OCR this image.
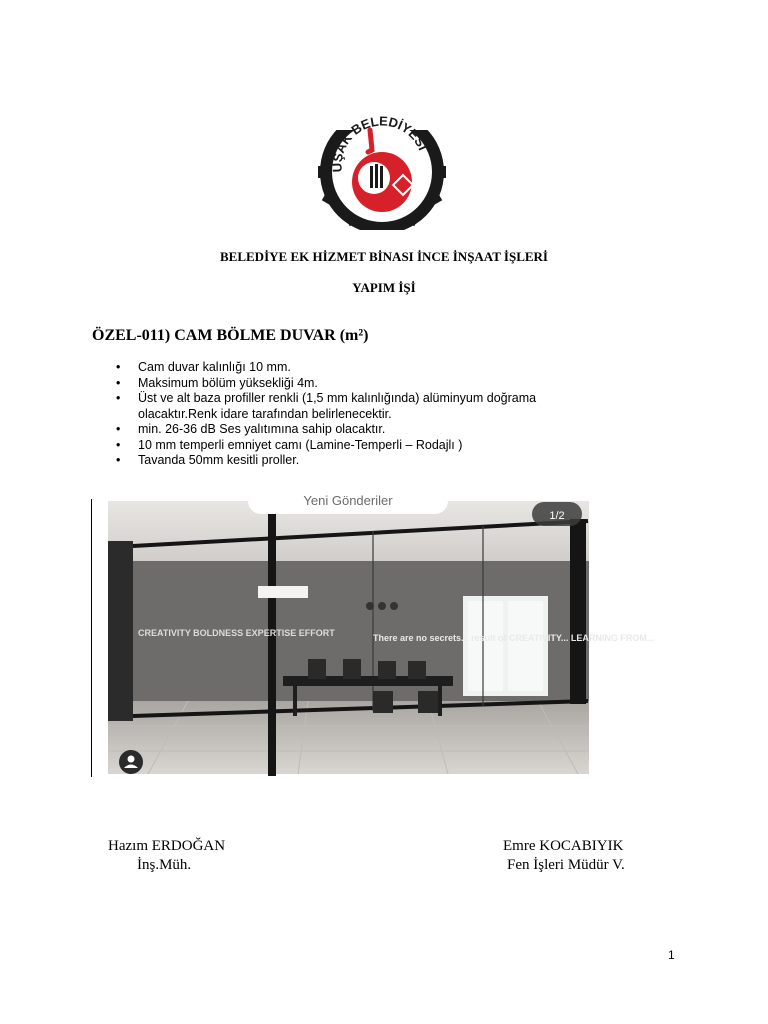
UŞAK BELEDİYESİ
BELEDİYE EK HİZMET BİNASI İNCE İNŞAAT İŞLERİ
YAPIM İŞİ
ÖZEL-011) CAM BÖLME DUVAR (m²)
• Cam duvar kalınlığı 10 mm.
• Maksimum bölüm yüksekliği 4m.
• Üst ve alt baza profiller renkli (1,5 mm kalınlığında) alüminyum doğrama olacaktır.Renk idare tarafından belirlenecektir.
• min. 26-36 dB Ses yalıtımına sahip olacaktır.
• 10 mm temperli emniyet camı (Lamine-Temperli – Rodajlı )
• Tavanda 50mm kesitli proller.
CREATIVITY BOLDNESS EXPERTISE EFFORT	There are no secrets... result of CREATIVITY... LEARNING FROM...
Yeni Gönderiler
1/2
Hazım ERDOĞAN
İnş.Müh.
Emre KOCABIYIK
Fen İşleri Müdür V.
1
